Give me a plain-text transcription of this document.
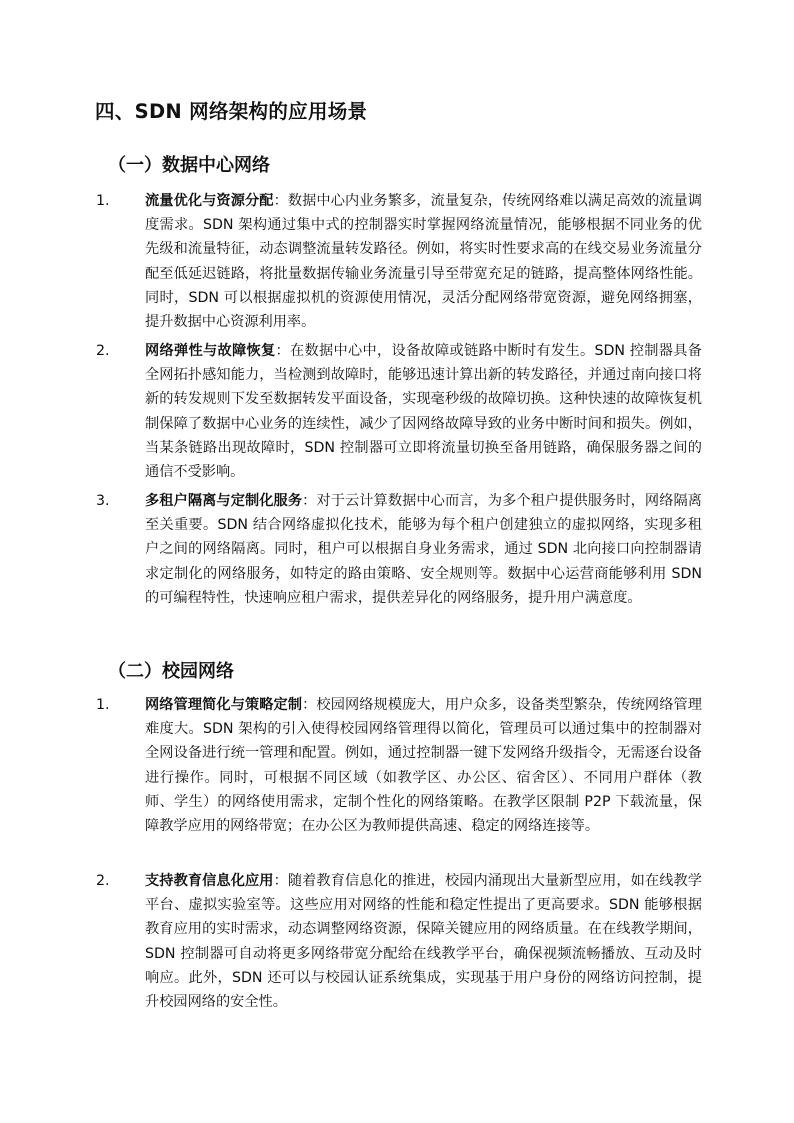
四、SDN 网络架构的应用场景
（一）数据中心网络
1.	流量优化与资源分配：数据中心内业务繁多，流量复杂，传统网络难以满足高效的流量调度需求。SDN 架构通过集中式的控制器实时掌握网络流量情况，能够根据不同业务的优先级和流量特征，动态调整流量转发路径。例如，将实时性要求高的在线交易业务流量分配至低延迟链路，将批量数据传输业务流量引导至带宽充足的链路，提高整体网络性能。同时，SDN 可以根据虚拟机的资源使用情况，灵活分配网络带宽资源，避免网络拥塞，提升数据中心资源利用率。
2.	网络弹性与故障恢复：在数据中心中，设备故障或链路中断时有发生。SDN 控制器具备全网拓扑感知能力，当检测到故障时，能够迅速计算出新的转发路径，并通过南向接口将新的转发规则下发至数据转发平面设备，实现毫秒级的故障切换。这种快速的故障恢复机制保障了数据中心业务的连续性，减少了因网络故障导致的业务中断时间和损失。例如，当某条链路出现故障时，SDN 控制器可立即将流量切换至备用链路，确保服务器之间的通信不受影响。
3.	多租户隔离与定制化服务：对于云计算数据中心而言，为多个租户提供服务时，网络隔离至关重要。SDN 结合网络虚拟化技术，能够为每个租户创建独立的虚拟网络，实现多租户之间的网络隔离。同时，租户可以根据自身业务需求，通过 SDN 北向接口向控制器请求定制化的网络服务，如特定的路由策略、安全规则等。数据中心运营商能够利用 SDN 的可编程特性，快速响应租户需求，提供差异化的网络服务，提升用户满意度。
（二）校园网络
1.	网络管理简化与策略定制：校园网络规模庞大，用户众多，设备类型繁杂，传统网络管理难度大。SDN 架构的引入使得校园网络管理得以简化，管理员可以通过集中的控制器对全网设备进行统一管理和配置。例如，通过控制器一键下发网络升级指令，无需逐台设备进行操作。同时，可根据不同区域（如教学区、办公区、宿舍区）、不同用户群体（教师、学生）的网络使用需求，定制个性化的网络策略。在教学区限制 P2P 下载流量，保障教学应用的网络带宽；在办公区为教师提供高速、稳定的网络连接等。
2.	支持教育信息化应用：随着教育信息化的推进，校园内涌现出大量新型应用，如在线教学平台、虚拟实验室等。这些应用对网络的性能和稳定性提出了更高要求。SDN 能够根据教育应用的实时需求，动态调整网络资源，保障关键应用的网络质量。在在线教学期间，SDN 控制器可自动将更多网络带宽分配给在线教学平台，确保视频流畅播放、互动及时响应。此外，SDN 还可以与校园认证系统集成，实现基于用户身份的网络访问控制，提升校园网络的安全性。
